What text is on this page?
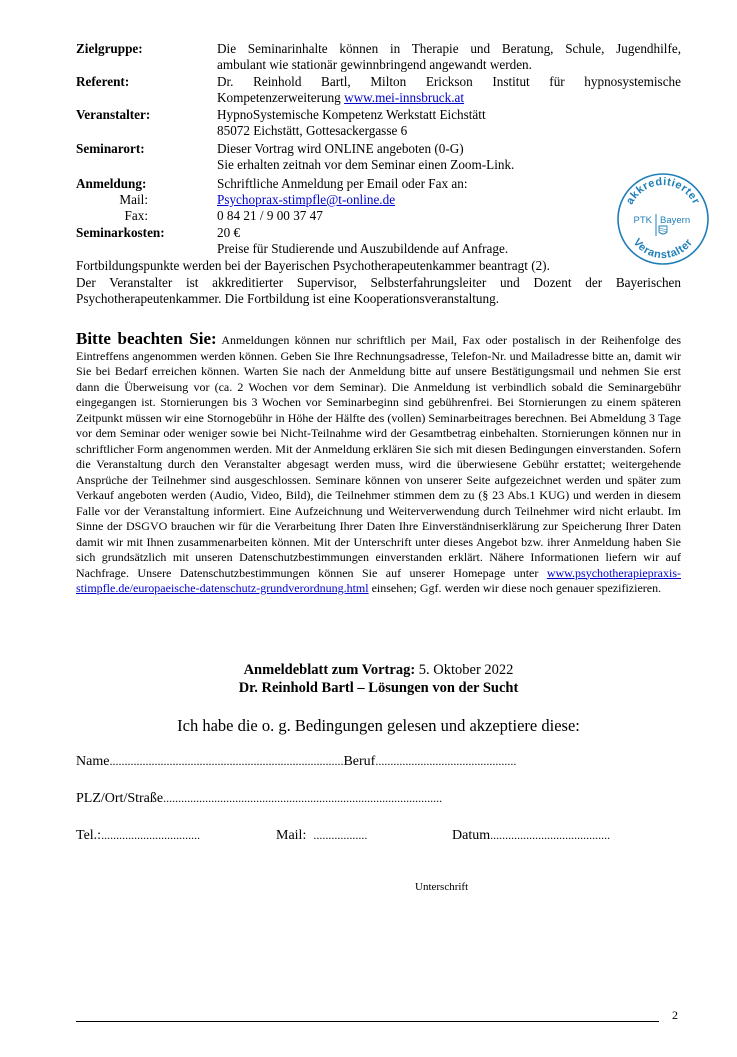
Zielgruppe:	Die Seminarinhalte können in Therapie und Beratung, Schule, Jugendhilfe,
ambulant wie stationär gewinnbringend angewandt werden.
Referent:	Dr. Reinhold Bartl, Milton Erickson Institut für hypnosystemische
Kompetenzerweiterung www.mei-innsbruck.at
Veranstalter:	HypnoSystemische Kompetenz Werkstatt Eichstätt
85072 Eichstätt, Gottesackergasse 6
Seminarort:	Dieser Vortrag wird ONLINE angeboten (0-G)
Sie erhalten zeitnah vor dem Seminar einen Zoom-Link.
Anmeldung:	Schriftliche Anmeldung per Email oder Fax an:
Mail:	Psychoprax-stimpfle@t-online.de
Fax:	0 84 21 / 9 00 37 47
Seminarkosten:	20 €
Preise für Studierende und Auszubildende auf Anfrage.
Fortbildungspunkte werden bei der Bayerischen Psychotherapeutenkammer beantragt (2).
Der Veranstalter ist akkreditierter Supervisor, Selbsterfahrungsleiter und Dozent der Bayerischen
Psychotherapeutenkammer. Die Fortbildung ist eine Kooperationsveranstaltung.
akkreditierter
Veranstalter
PTK Bayern
Bitte beachten Sie: Anmeldungen können nur schriftlich per Mail, Fax oder postalisch in der Reihenfolge des Eintreffens angenommen werden können. Geben Sie Ihre Rechnungsadresse, Telefon-Nr. und Mailadresse bitte an, damit wir Sie bei Bedarf erreichen können. Warten Sie nach der Anmeldung bitte auf unsere Bestätigungsmail und nehmen Sie erst dann die Überweisung vor (ca. 2 Wochen vor dem Seminar). Die Anmeldung ist verbindlich sobald die Seminargebühr eingegangen ist. Stornierungen bis 3 Wochen vor Seminarbeginn sind gebührenfrei. Bei Stornierungen zu einem späteren Zeitpunkt müssen wir eine Stornogebühr in Höhe der Hälfte des (vollen) Seminarbeitrages berechnen. Bei Abmeldung 3 Tage vor dem Seminar oder weniger sowie bei Nicht-Teilnahme wird der Gesamtbetrag einbehalten. Stornierungen können nur in schriftlicher Form angenommen werden. Mit der Anmeldung erklären Sie sich mit diesen Bedingungen einverstanden. Sofern die Veranstaltung durch den Veranstalter abgesagt werden muss, wird die überwiesene Gebühr erstattet; weitergehende Ansprüche der Teilnehmer sind ausgeschlossen. Seminare können von unserer Seite aufgezeichnet werden und später zum Verkauf angeboten werden (Audio, Video, Bild), die Teilnehmer stimmen dem zu (§ 23 Abs.1 KUG) und werden in diesem Falle vor der Veranstaltung informiert. Eine Aufzeichnung und Weiterverwendung durch Teilnehmer wird nicht erlaubt. Im Sinne der DSGVO brauchen wir für die Verarbeitung Ihrer Daten Ihre Einverständniserklärung zur Speicherung Ihrer Daten damit wir mit Ihnen zusammenarbeiten können. Mit der Unterschrift unter dieses Angebot bzw. ihrer Anmeldung haben Sie sich grundsätzlich mit unseren Datenschutzbestimmungen einverstanden erklärt. Nähere Informationen liefern wir auf Nachfrage. Unsere Datenschutzbestimmungen können Sie auf unserer Homepage unter www.psychotherapiepraxis-stimpfle.de/europaeische-datenschutz-grundverordnung.html einsehen; Ggf. werden wir diese noch genauer spezifizieren.
Anmeldeblatt zum Vortrag: 5. Oktober 2022
Dr. Reinhold Bartl – Lösungen von der Sucht
Ich habe die o. g. Bedingungen gelesen und akzeptiere diese:
Name..............................................................................Beruf...............................................
PLZ/Ort/Straße.............................................................................................
Tel.:.................................	Mail: ..................	Datum........................................
Unterschrift
2
